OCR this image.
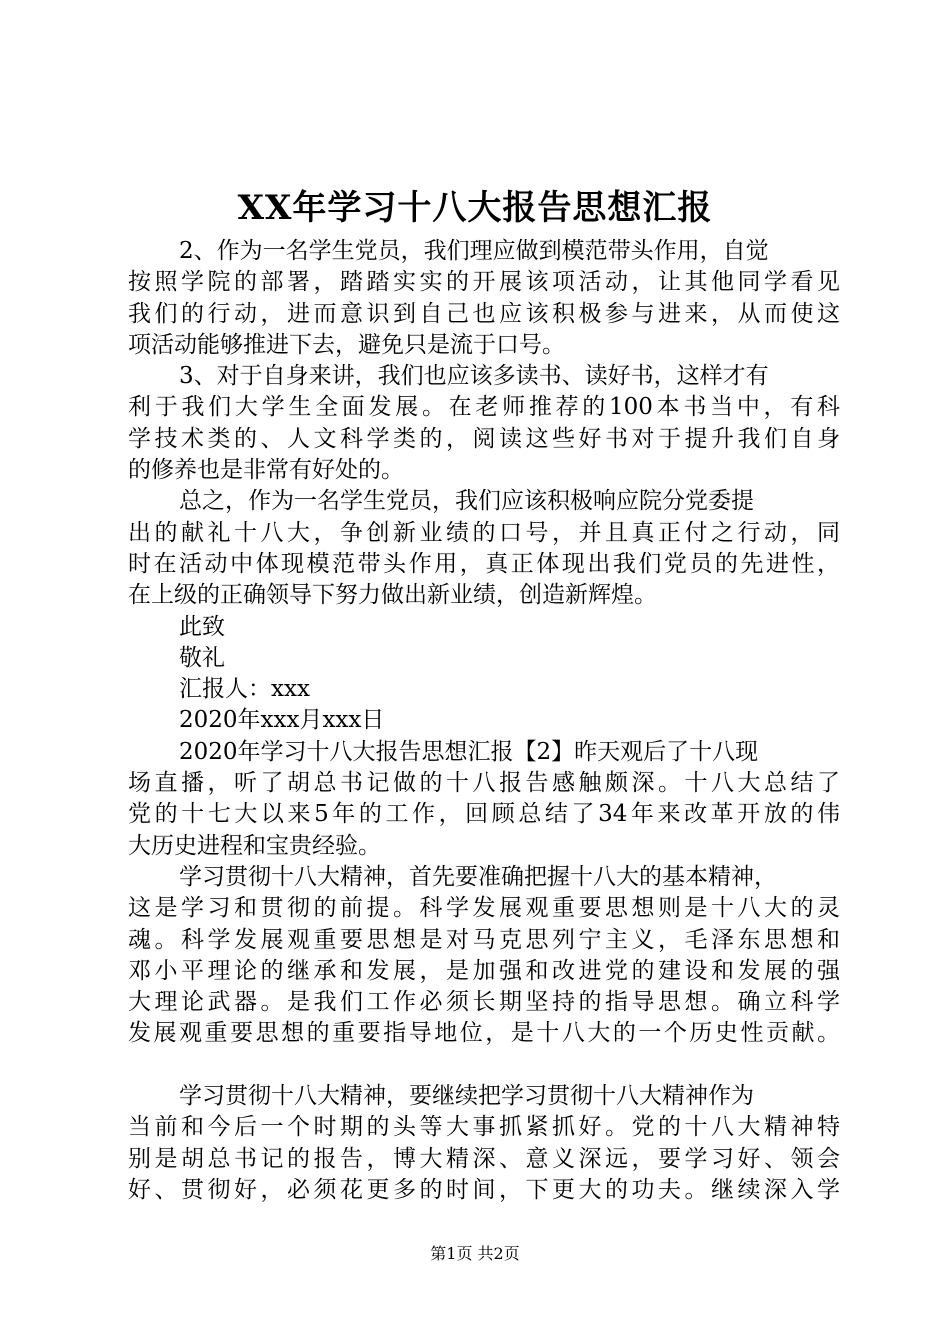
XX年学习十八大报告思想汇报
2、作为一名学生党员，我们理应做到模范带头作用，自觉
按照学院的部署，踏踏实实的开展该项活动，让其他同学看见
我们的行动，进而意识到自己也应该积极参与进来，从而使这
项活动能够推进下去，避免只是流于口号。
3、对于自身来讲，我们也应该多读书、读好书，这样才有
利于我们大学生全面发展。在老师推荐的100本书当中，有科
学技术类的、人文科学类的，阅读这些好书对于提升我们自身
的修养也是非常有好处的。
总之，作为一名学生党员，我们应该积极响应院分党委提
出的献礼十八大，争创新业绩的口号，并且真正付之行动，同
时在活动中体现模范带头作用，真正体现出我们党员的先进性，
在上级的正确领导下努力做出新业绩，创造新辉煌。
此致
敬礼
汇报人：xxx
2020年xxx月xxx日
2020年学习十八大报告思想汇报【2】昨天观后了十八现
场直播，听了胡总书记做的十八报告感触颇深。十八大总结了
党的十七大以来5年的工作，回顾总结了34年来改革开放的伟
大历史进程和宝贵经验。
学习贯彻十八大精神，首先要准确把握十八大的基本精神，
这是学习和贯彻的前提。科学发展观重要思想则是十八大的灵
魂。科学发展观重要思想是对马克思列宁主义，毛泽东思想和
邓小平理论的继承和发展，是加强和改进党的建设和发展的强
大理论武器。是我们工作必须长期坚持的指导思想。确立科学
发展观重要思想的重要指导地位，是十八大的一个历史性贡献。
学习贯彻十八大精神，要继续把学习贯彻十八大精神作为
当前和今后一个时期的头等大事抓紧抓好。党的十八大精神特
别是胡总书记的报告，博大精深、意义深远，要学习好、领会
好、贯彻好，必须花更多的时间，下更大的功夫。继续深入学
第1页 共2页
